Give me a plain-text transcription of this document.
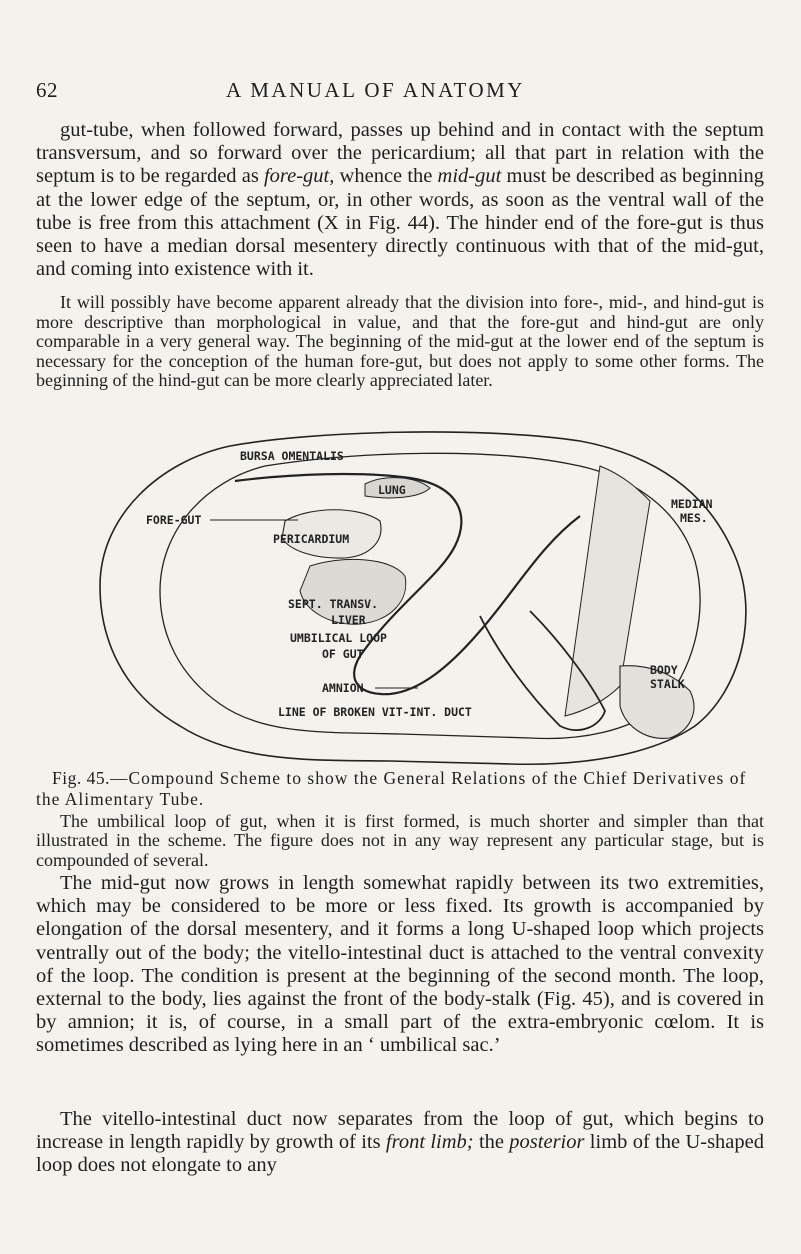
62	A MANUAL OF ANATOMY
gut-tube, when followed forward, passes up behind and in contact with the septum transversum, and so forward over the pericardium; all that part in relation with the septum is to be regarded as fore-gut, whence the mid-gut must be described as beginning at the lower edge of the septum, or, in other words, as soon as the ventral wall of the tube is free from this attachment (X in Fig. 44). The hinder end of the fore-gut is thus seen to have a median dorsal mesentery directly continuous with that of the mid-gut, and coming into existence with it.
It will possibly have become apparent already that the division into fore-, mid-, and hind-gut is more descriptive than morphological in value, and that the fore-gut and hind-gut are only comparable in a very general way. The beginning of the mid-gut at the lower end of the septum is necessary for the conception of the human fore-gut, but does not apply to some other forms. The beginning of the hind-gut can be more clearly appreciated later.
BURSA OMENTALIS
LUNG
FORE-GUT
MEDIAN
MES.
PERICARDIUM
SEPT. TRANSV.
LIVER
UMBILICAL LOOP
OF GUT
AMNION
LINE OF BROKEN VIT-INT. DUCT
BODY
STALK
Fig. 45.—Compound Scheme to show the General Relations of the Chief Derivatives of the Alimentary Tube.
The umbilical loop of gut, when it is first formed, is much shorter and simpler than that illustrated in the scheme. The figure does not in any way represent any particular stage, but is compounded of several.
The mid-gut now grows in length somewhat rapidly between its two extremities, which may be considered to be more or less fixed. Its growth is accompanied by elongation of the dorsal mesentery, and it forms a long U-shaped loop which projects ventrally out of the body; the vitello-intestinal duct is attached to the ventral convexity of the loop. The condition is present at the beginning of the second month. The loop, external to the body, lies against the front of the body-stalk (Fig. 45), and is covered in by amnion; it is, of course, in a small part of the extra-embryonic cœlom. It is sometimes described as lying here in an ‘ umbilical sac.’
The vitello-intestinal duct now separates from the loop of gut, which begins to increase in length rapidly by growth of its front limb; the posterior limb of the U-shaped loop does not elongate to any
